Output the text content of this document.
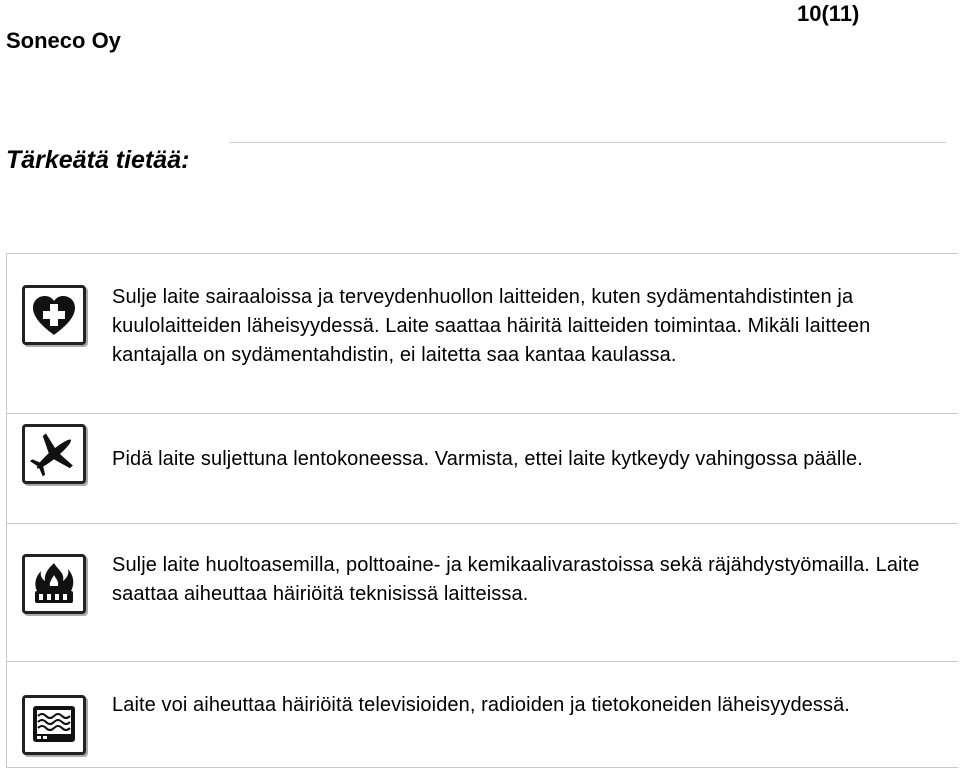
Soneco Oy
10(11)
Tärkeätä tietää:
Sulje laite sairaaloissa ja terveydenhuollon laitteiden, kuten sydämentahdistinten ja kuulolaitteiden läheisyydessä. Laite saattaa häiritä laitteiden toimintaa. Mikäli laitteen kantajalla on sydämentahdistin, ei laitetta saa kantaa kaulassa.
Pidä laite suljettuna lentokoneessa. Varmista, ettei laite kytkeydy vahingossa päälle.
Sulje laite huoltoasemilla, polttoaine- ja kemikaalivarastoissa sekä räjähdystyömailla. Laite saattaa aiheuttaa häiriöitä teknisissä laitteissa.
Laite voi aiheuttaa häiriöitä televisioiden, radioiden ja tietokoneiden läheisyydessä.
